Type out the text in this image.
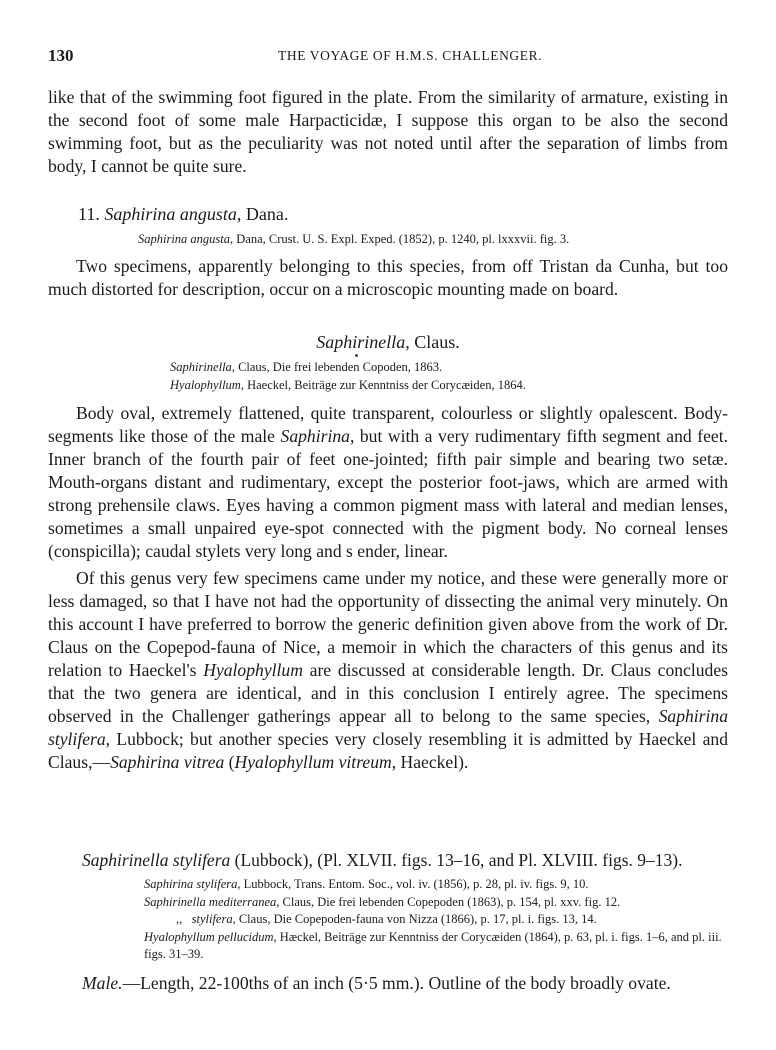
130	THE VOYAGE OF H.M.S. CHALLENGER.

like that of the swimming foot figured in the plate. From the similarity of armature, existing in the second foot of some male Harpacticidæ, I suppose this organ to be also the second swimming foot, but as the peculiarity was not noted until after the separation of limbs from body, I cannot be quite sure.

11. Saphirina angusta, Dana.

Saphirina angusta, Dana, Crust. U. S. Expl. Exped. (1852), p. 1240, pl. lxxxvii. fig. 3.

Two specimens, apparently belonging to this species, from off Tristan da Cunha, but too much distorted for description, occur on a microscopic mounting made on board.

Saphirinella, Claus.

Saphirinella, Claus, Die frei lebenden Copoden, 1863.

Hyalophyllum, Haeckel, Beiträge zur Kenntniss der Corycæiden, 1864.

Body oval, extremely flattened, quite transparent, colourless or slightly opalescent. Body-segments like those of the male Saphirina, but with a very rudimentary fifth segment and feet. Inner branch of the fourth pair of feet one-jointed; fifth pair simple and bearing two setæ. Mouth-organs distant and rudimentary, except the posterior foot-jaws, which are armed with strong prehensile claws. Eyes having a common pigment mass with lateral and median lenses, sometimes a small unpaired eye-spot connected with the pigment body. No corneal lenses (conspicilla); caudal stylets very long and s ender, linear.

Of this genus very few specimens came under my notice, and these were generally more or less damaged, so that I have not had the opportunity of dissecting the animal very minutely. On this account I have preferred to borrow the generic definition given above from the work of Dr. Claus on the Copepod-fauna of Nice, a memoir in which the characters of this genus and its relation to Haeckel's Hyalophyllum are discussed at considerable length. Dr. Claus concludes that the two genera are identical, and in this conclusion I entirely agree. The specimens observed in the Challenger gatherings appear all to belong to the same species, Saphirina stylifera, Lubbock; but another species very closely resembling it is admitted by Haeckel and Claus,—Saphirina vitrea (Hyalophyllum vitreum, Haeckel).

Saphirinella stylifera (Lubbock), (Pl. XLVII. figs. 13–16, and Pl. XLVIII. figs. 9–13).

Saphirina stylifera, Lubbock, Trans. Entom. Soc., vol. iv. (1856), p. 28, pl. iv. figs. 9, 10.

Saphirinella mediterranea, Claus, Die frei lebenden Copepoden (1863), p. 154, pl. xxv. fig. 12.

,, stylifera, Claus, Die Copepoden-fauna von Nizza (1866), p. 17, pl. i. figs. 13, 14.

Hyalophyllum pellucidum, Hæckel, Beiträge zur Kenntniss der Corycæiden (1864), p. 63, pl. i. figs. 1–6, and pl. iii. figs. 31–39.

Male.—Length, 22-100ths of an inch (5·5 mm.). Outline of the body broadly ovate.
